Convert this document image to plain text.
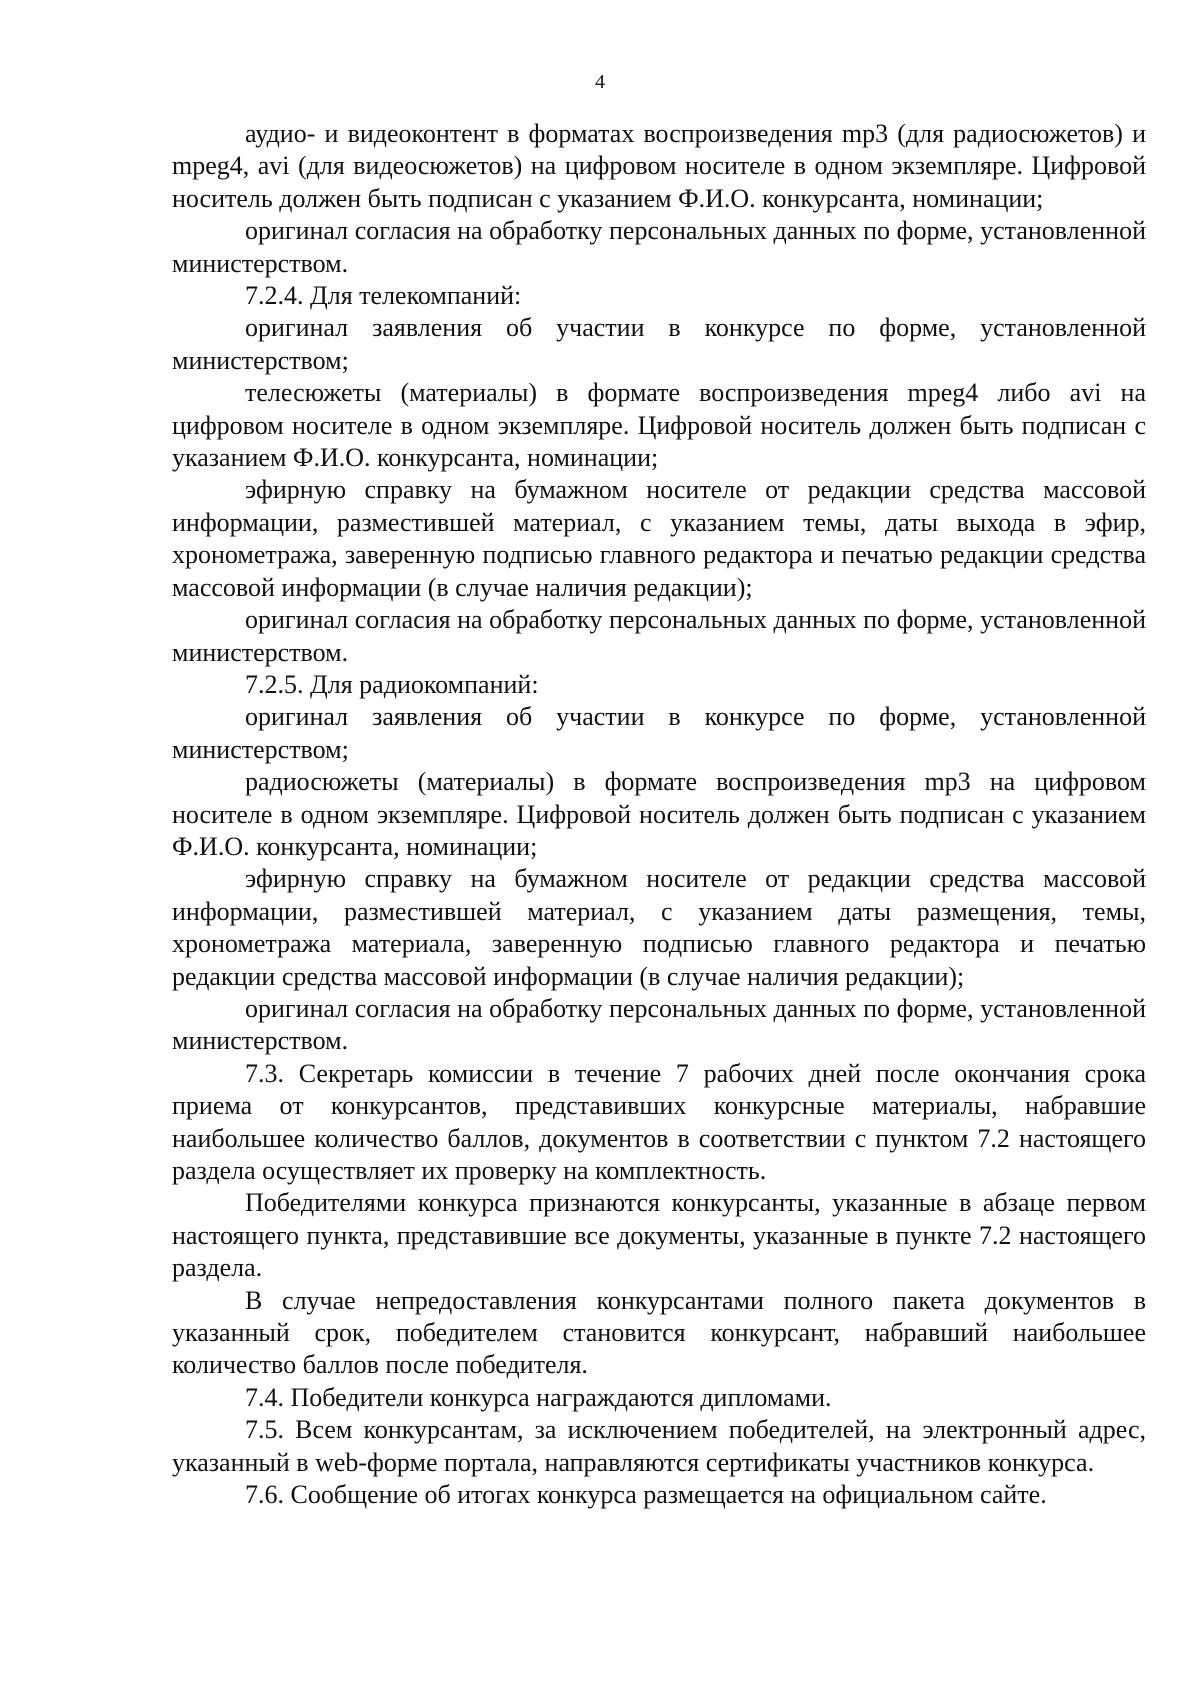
4

аудио- и видеоконтент в форматах воспроизведения mp3 (для радиосюжетов) и mpeg4, avi (для видеосюжетов) на цифровом носителе в одном экземпляре. Цифровой носитель должен быть подписан с указанием Ф.И.О. конкурсанта, номинации;

оригинал согласия на обработку персональных данных по форме, установленной министерством.

7.2.4. Для телекомпаний:

оригинал заявления об участии в конкурсе по форме, установленной министерством;

телесюжеты (материалы) в формате воспроизведения mpeg4 либо avi на цифровом носителе в одном экземпляре. Цифровой носитель должен быть подписан с указанием Ф.И.О. конкурсанта, номинации;

эфирную справку на бумажном носителе от редакции средства массовой информации, разместившей материал, с указанием темы, даты выхода в эфир, хронометража, заверенную подписью главного редактора и печатью редакции средства массовой информации (в случае наличия редакции);

оригинал согласия на обработку персональных данных по форме, установленной министерством.

7.2.5. Для радиокомпаний:

оригинал заявления об участии в конкурсе по форме, установленной министерством;

радиосюжеты (материалы) в формате воспроизведения mp3 на цифровом носителе в одном экземпляре. Цифровой носитель должен быть подписан с указанием Ф.И.О. конкурсанта, номинации;

эфирную справку на бумажном носителе от редакции средства массовой информации, разместившей материал, с указанием даты размещения, темы, хронометража материала, заверенную подписью главного редактора и печатью редакции средства массовой информации (в случае наличия редакции);

оригинал согласия на обработку персональных данных по форме, установленной министерством.

7.3. Секретарь комиссии в течение 7 рабочих дней после окончания срока приема от конкурсантов, представивших конкурсные материалы, набравшие наибольшее количество баллов, документов в соответствии с пунктом 7.2 настоящего раздела осуществляет их проверку на комплектность.

Победителями конкурса признаются конкурсанты, указанные в абзаце первом настоящего пункта, представившие все документы, указанные в пункте 7.2 настоящего раздела.

В случае непредоставления конкурсантами полного пакета документов в указанный срок, победителем становится конкурсант, набравший наибольшее количество баллов после победителя.

7.4. Победители конкурса награждаются дипломами.

7.5. Всем конкурсантам, за исключением победителей, на электронный адрес, указанный в web-форме портала, направляются сертификаты участников конкурса.

7.6. Сообщение об итогах конкурса размещается на официальном сайте.
